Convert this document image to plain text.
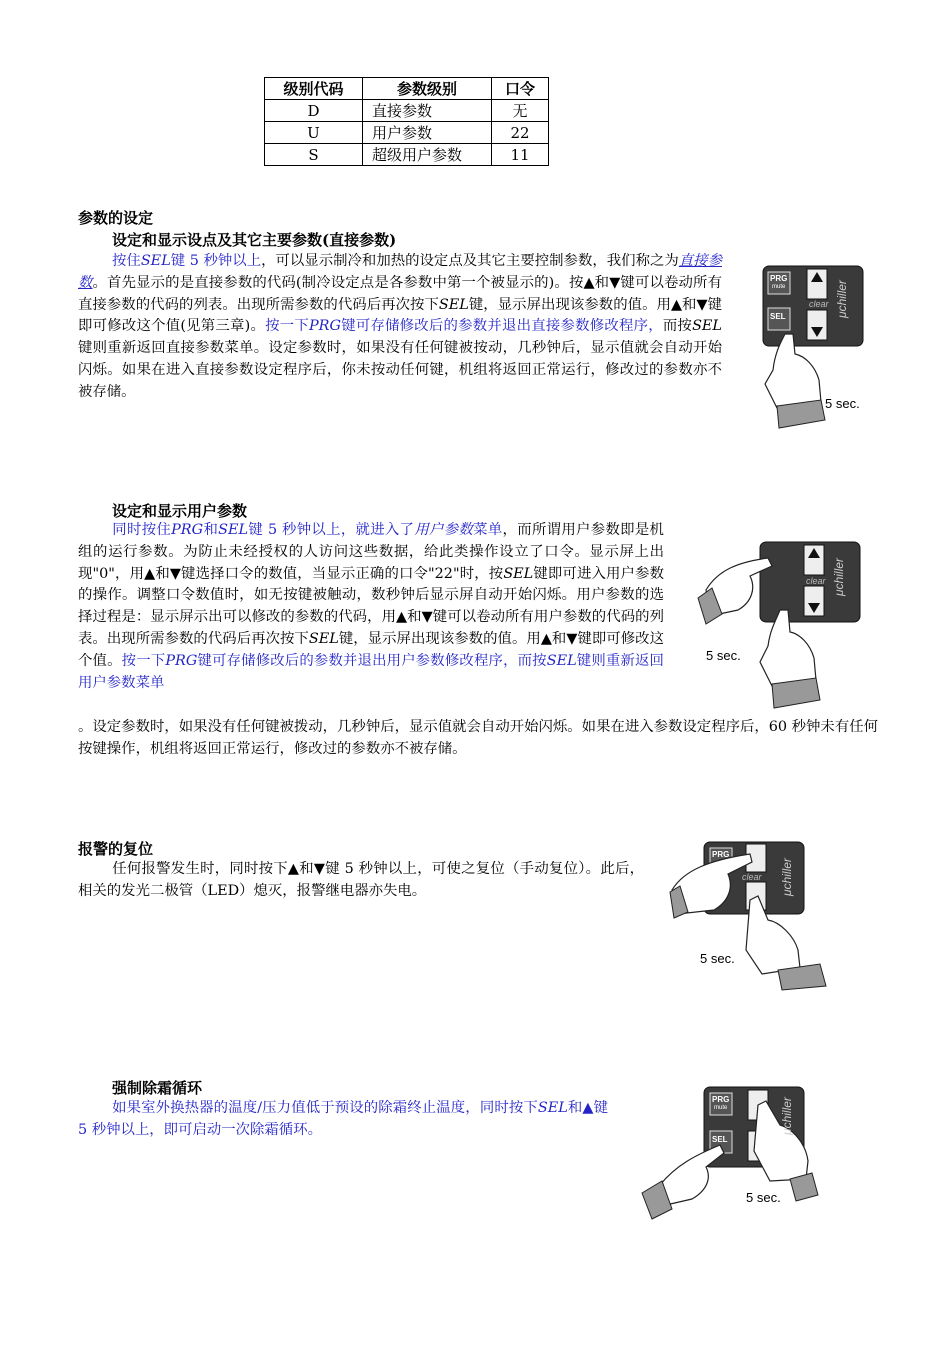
级别代码	参数级别	口令
D	直接参数	无
U	用户参数	22
S	超级用户参数	11
参数的设定
设定和显示设点及其它主要参数(直接参数)
按住SEL键 5 秒钟以上，可以显示制冷和加热的设定点及其它主要控制参数，我们称之为直接参数。首先显示的是直接参数的代码(制冷设定点是各参数中第一个被显示的)。按▲和▼键可以卷动所有直接参数的代码的列表。出现所需参数的代码后再次按下SEL键，显示屏出现该参数的值。用▲和▼键即可修改这个值(见第三章)。按一下PRG键可存储修改后的参数并退出直接参数修改程序，而按SEL键则重新返回直接参数菜单。设定参数时，如果没有任何键被按动，几秒钟后，显示值就会自动开始闪烁。如果在进入直接参数设定程序后，你未按动任何键，机组将返回正常运行，修改过的参数亦不被存储。
PRG
mute
SEL
clear μchiller
5 sec.
设定和显示用户参数
同时按住PRG和SEL键 5 秒钟以上，就进入了用户参数菜单，而所谓用户参数即是机组的运行参数。为防止未经授权的人访问这些数据，给此类操作设立了口令。显示屏上出现"0"，用▲和▼键选择口令的数值，当显示正确的口令"22"时，按SEL键即可进入用户参数的操作。调整口令数值时，如无按键被触动，数秒钟后显示屏自动开始闪烁。用户参数的选择过程是：显示屏示出可以修改的参数的代码，用▲和▼键可以卷动所有用户参数的代码的列表。出现所需参数的代码后再次按下SEL键，显示屏出现该参数的值。用▲和▼键即可修改这个值。按一下PRG键可存储修改后的参数并退出用户参数修改程序，而按SEL键则重新返回用户参数菜单
。设定参数时，如果没有任何键被拨动，几秒钟后，显示值就会自动开始闪烁。如果在进入参数设定程序后，60 秒钟未有任何按键操作，机组将返回正常运行，修改过的参数亦不被存储。
clear μchiller
5 sec.
报警的复位
任何报警发生时，同时按下▲和▼键 5 秒钟以上，可使之复位（手动复位）。此后，相关的发光二极管（LED）熄灭，报警继电器亦失电。
PRG
clear μchiller
5 sec.
强制除霜循环
如果室外换热器的温度/压力值低于预设的除霜终止温度，同时按下SEL和▲键 5 秒钟以上，即可启动一次除霜循环。
PRG
mute
SEL
μchiller
5 sec.
